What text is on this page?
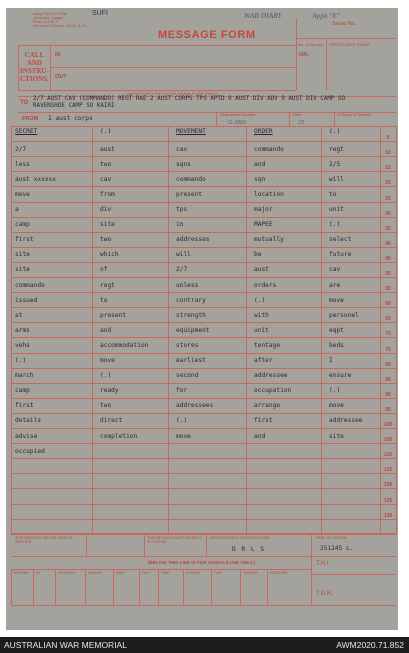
Army Form C.2136
(Adopted, Large)
Pads of 100 F
(Revised October, 1943) (L.P.)
SUFI	WAR DIARY	Appx "E"
MESSAGE FORM
CALL
AND
INSTRU-
CTIONS.
IN
OUT
Serial No.
No. of Groups
GR.
OFFICE DATE STAMP
(ABOVE THIS LINE IS FOR SIGNALS USE ONLY)
TO
2/7 AUST CAV (COMMANDO) REGT RAE 2 AUST CORPS TPS APTD 9 AUST DIV ADV 9 AUST DIV CAMP SO
RAVENSHOE CAMP SO KAIRI
FROM 1 aust corps
Originator's Number
G 2001
Date
25
In Reply to Number
SECRET	(.)	MOVEMENT	ORDER	(.)
2/7	aust	cav	commando	regt
less	two	sqns	and	2/5
aust xxxxxx	cav	commando	sqn	will
move	from	present	location	to
a	div	tps	major	unit
camp	site	in	MAPEE	(.)
first	two	addresses	mutually	select
site	which	will	be	future
site	of	2/7	aust	cav
commando	regt	unless	orders	are
issued	to	contrary	(.)	move
at	present	strength	with	personel
arms	and	equipment	unit	eqpt
vehs	accommodation	stores	tentage	beds
(.)	move	earliest	after	I
march	(.)	second	addressee	ensure
camp	ready	for	occupation	(.)
first	two	addressees	arrange	move
details	direct	(.)	first	addressee
advise	completion	move	and	site
occupied
5
10
15
20
25
30
35
40
45
50
55
60
65
70
75
80
85
90
95
100
105
110
115
120
125
130
THIS MESSAGE MAY BE SENT AS WRITTEN
THIS MESSAGE MUST BE SENT IN CYPHER
ORIGINATOR'S INSTRUCTIONS
D R L S
TIME OF ORIGIN
251245 L.
(BELOW THIS LINE IS FOR SIGNALS USE ONLY.)	T.H.I.
T.O.R.
SYSTEM IN	RECEIVED	SENDER	SENT	OUT	TIME	SYSTEM	TIME	SENDER	RECEIVED
AUSTRALIAN WAR MEMORIAL	AWM2020.71.852
